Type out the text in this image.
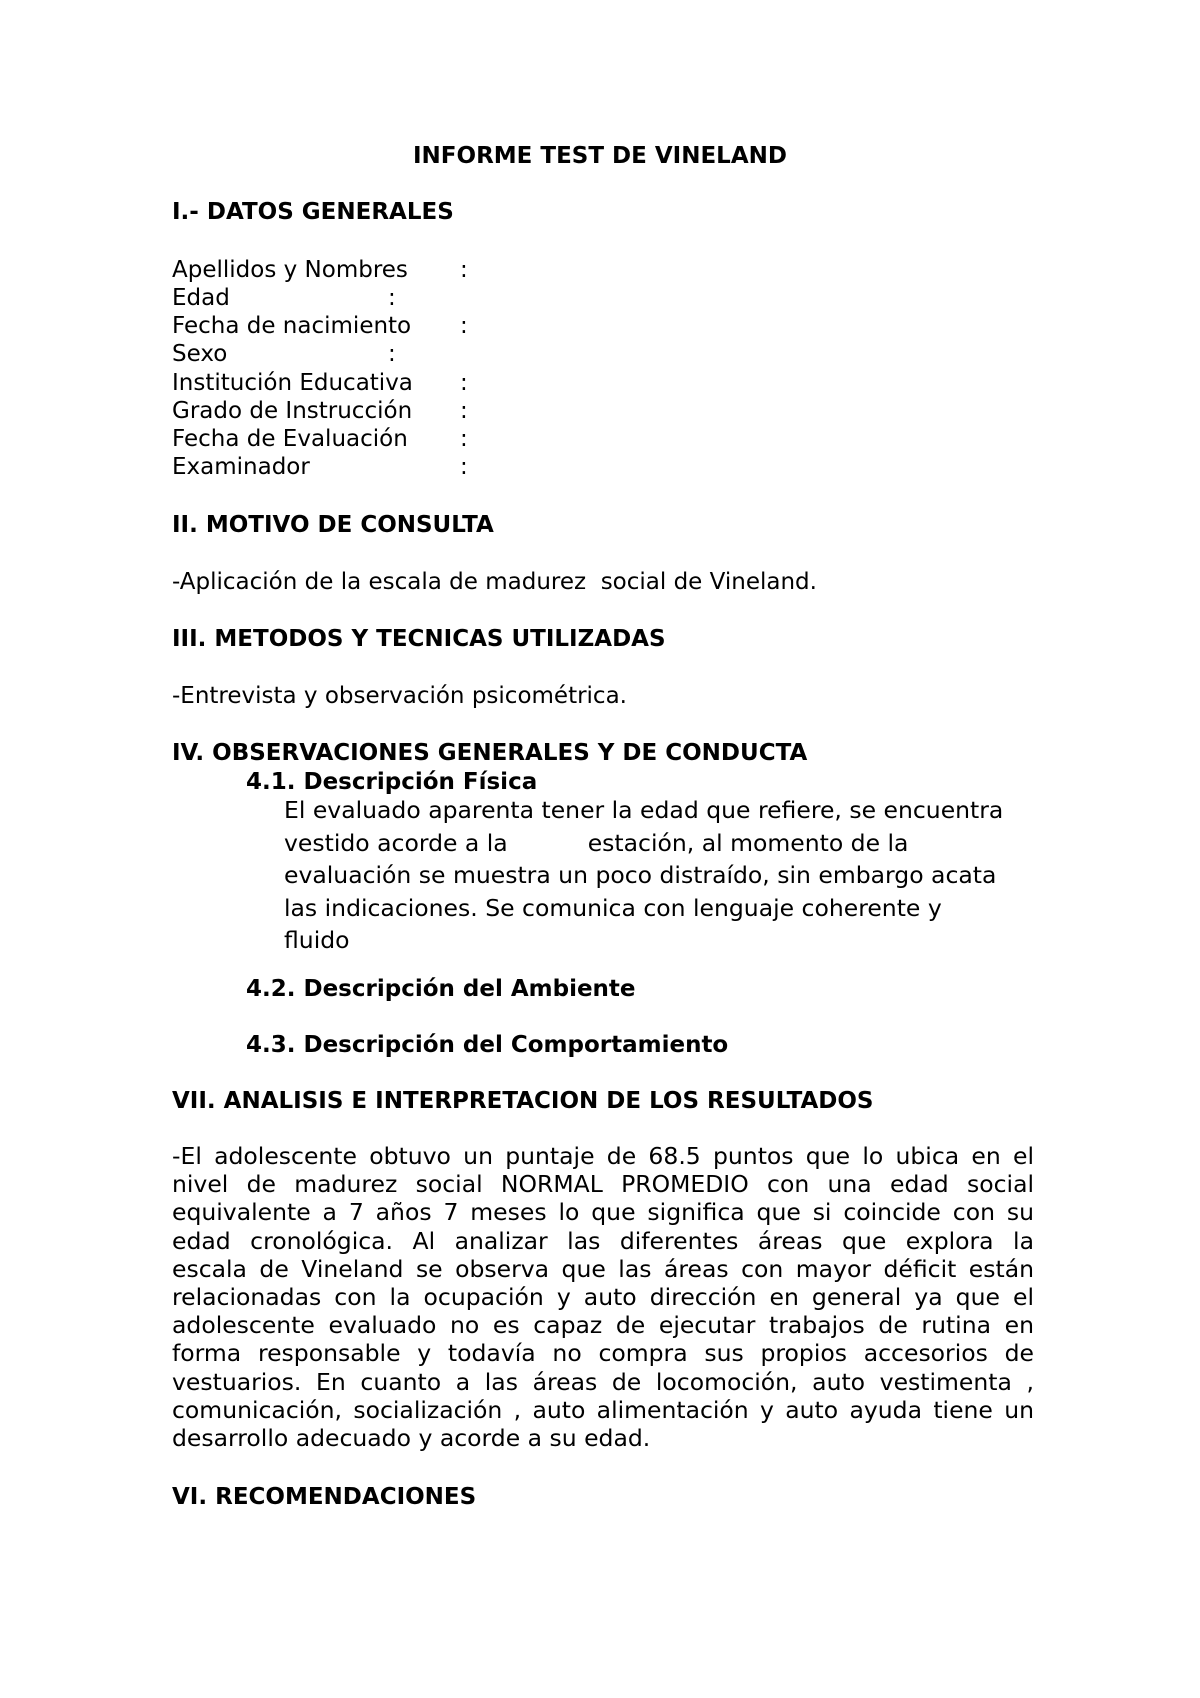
INFORME TEST DE VINELAND
I.- DATOS GENERALES
Apellidos y Nombres :
Edad	:
Fecha de nacimiento :
Sexo	:
Institución Educativa :
Grado de Instrucción :
Fecha de Evaluación :
Examinador	:
II. MOTIVO DE CONSULTA
-Aplicación de la escala de madurez  social de Vineland.
III. METODOS Y TECNICAS UTILIZADAS
-Entrevista y observación psicométrica.
IV. OBSERVACIONES GENERALES Y DE CONDUCTA
4.1. Descripción Física
El evaluado aparenta tener la edad que refiere, se encuentra
vestido acorde a la	estación, al momento de la
evaluación se muestra un poco distraído, sin embargo acata
las indicaciones. Se comunica con lenguaje coherente y
fluido
4.2. Descripción del Ambiente
4.3. Descripción del Comportamiento
VII. ANALISIS E INTERPRETACION DE LOS RESULTADOS
-El adolescente obtuvo un puntaje de 68.5 puntos que lo ubica en el
nivel de madurez social NORMAL PROMEDIO con una edad social
equivalente a 7 años 7 meses lo que significa que si coincide con su
edad cronológica. Al analizar las diferentes áreas que explora la
escala de Vineland se observa que las áreas con mayor déficit están
relacionadas con la ocupación y auto dirección en general ya que el
adolescente evaluado no es capaz de ejecutar trabajos de rutina en
forma responsable y todavía no compra sus propios accesorios de
vestuarios. En cuanto a las áreas de locomoción, auto vestimenta ,
comunicación, socialización , auto alimentación y auto ayuda tiene un
desarrollo adecuado y acorde a su edad.
VI. RECOMENDACIONES
